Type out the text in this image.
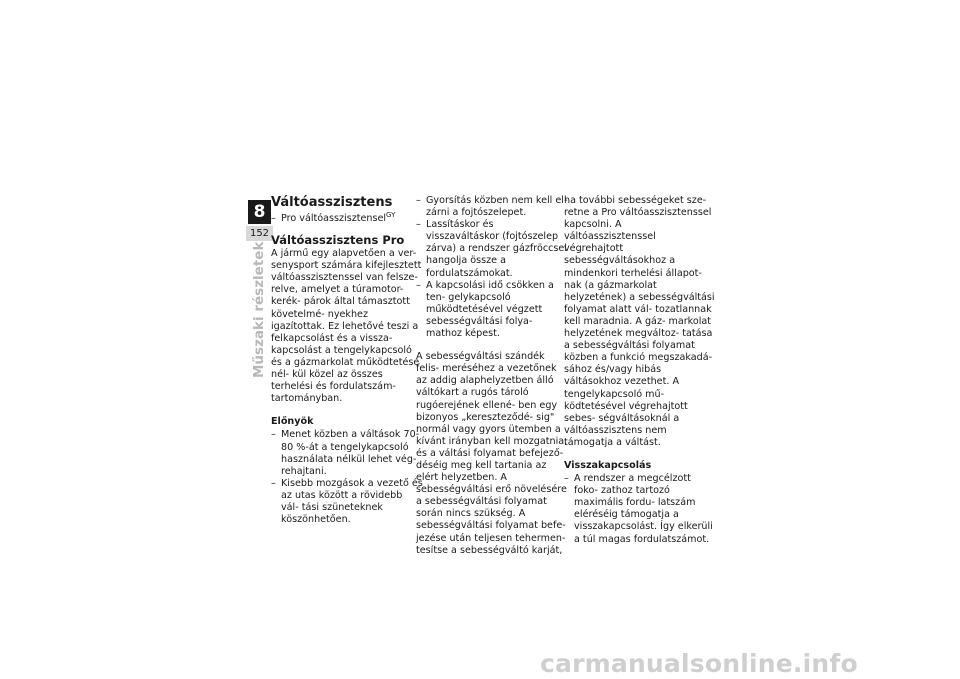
8
152
Műszaki részletek
Váltóasszisztens
– Pro váltóasszisztensel$^{GY}$
Váltóasszisztens Pro

A jármű egy alapvetően a ver- senysport számára kifejlesztett váltóasszisztenssel van felsze- relve, amelyet a túramotor-kerék- párok által támasztott követelmé- nyekhez igazítottak. Ez lehetővé teszi a felkapcsolást és a vissza- kapcsolást a tengelykapcsoló és a gázmarkolat működtetése nél- kül közel az összes terhelési és fordulatszám-tartományban.

Előnyök
– Menet közben a váltások 70- 80 %-át a tengelykapcsoló használata nélkül lehet vég- rehajtani.
– Kisebb mozgások a vezető és az utas között a rövidebb vál- tási szüneteknek köszönhetően.
– Gyorsítás közben nem kell el- zárni a fojtószelepet.
– Lassításkor és visszaváltáskor (fojtószelep zárva) a rendszer gázfröccsel hangolja össze a fordulatszámokat.
– A kapcsolási idő csökken a ten- gelykapcsoló működtetésével végzett sebességváltási folya- mathoz képest.

A sebességváltási szándék felis- meréséhez a vezetőnek az addig alaphelyzetben álló váltókart a rugós tároló rugóerejének ellené- ben egy bizonyos „kereszteződé- sig" normál vagy gyors ütemben a kívánt irányban kell mozgatnia, és a váltási folyamat befejező- déséig meg kell tartania az elért helyzetben. A sebességváltási erő növelésére a sebességváltási folyamat során nincs szükség. A sebességváltási folyamat befe- jezése után teljesen tehermen- tesítse a sebességváltó karját,

ha további sebességeket sze- retne a Pro váltóasszisztenssel kapcsolni. A váltóasszisztenssel végrehajtott sebességváltásokhoz a mindenkori terhelési állapot- nak (a gázmarkolat helyzetének) a sebességváltási folyamat alatt vál- tozatlannak kell maradnia. A gáz- markolat helyzetének megváltoz- tatása a sebességváltási folyamat közben a funkció megszakadá- sához és/vagy hibás váltásokhoz vezethet. A tengelykapcsoló mű- ködtetésével végrehajtott sebes- ségváltásoknál a váltóasszisztens nem támogatja a váltást.

Visszakapcsolás
– A rendszer a megcélzott foko- zathoz tartozó maximális fordu- latszám eléréséig támogatja a visszakapcsolást. Így elkerüli a túl magas fordulatszámot.
carmanualsonline.info
